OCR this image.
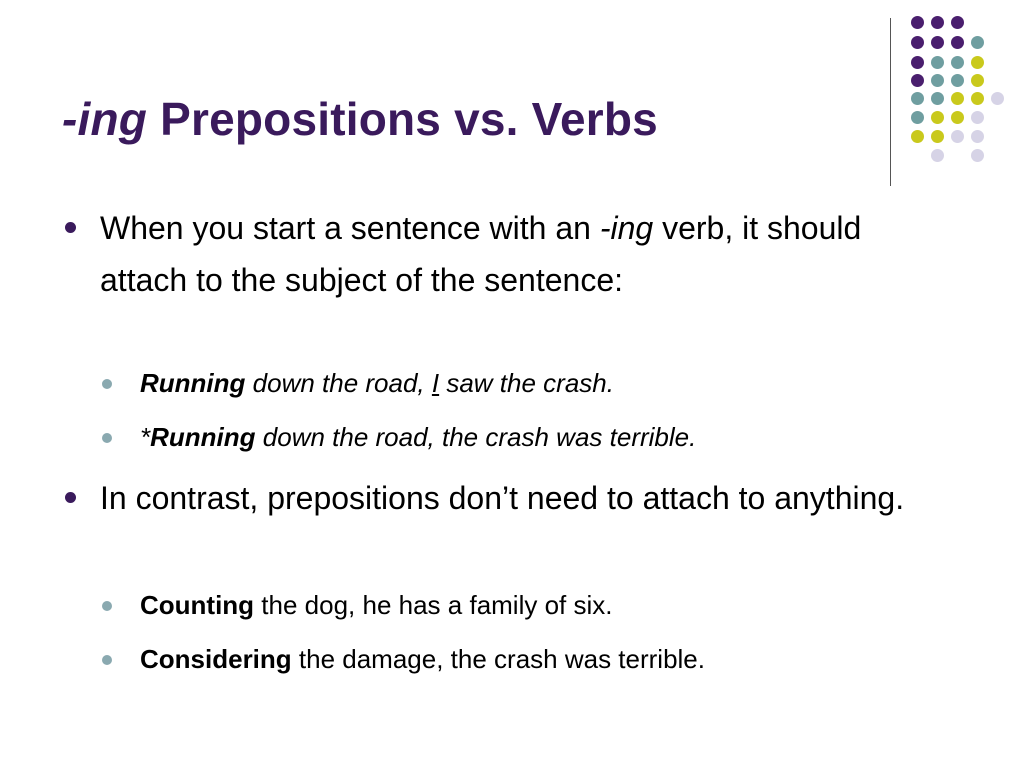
-ing Prepositions vs. Verbs
When you start a sentence with an -ing verb, it should attach to the subject of the sentence:
Running down the road, I saw the crash.
*Running down the road, the crash was terrible.
In contrast, prepositions don’t need to attach to anything.
Counting the dog, he has a family of six.
Considering the damage, the crash was terrible.
